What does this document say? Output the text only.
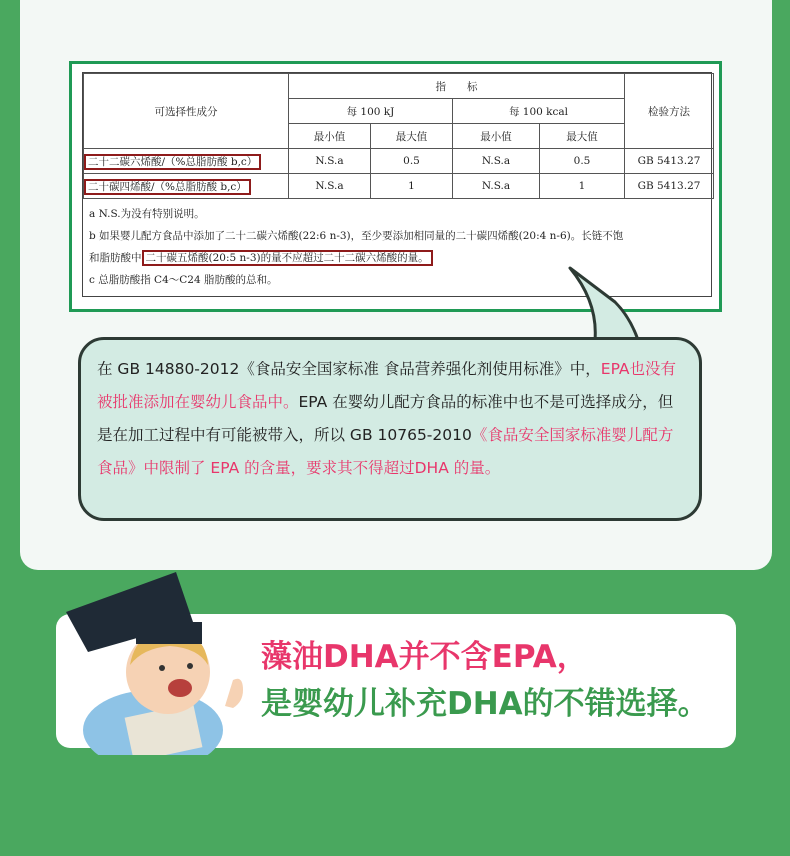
可选择性成分	指　　标				检验方法
	每 100 kJ		每 100 kcal		
	最小值	最大值	最小值	最大值	
二十二碳六烯酸/（%总脂肪酸 b,c）	N.S.a	0.5	N.S.a	0.5	GB 5413.27
二十碳四烯酸/（%总脂肪酸 b,c）	N.S.a	1	N.S.a	1	GB 5413.27
a N.S.为没有特别说明。
b 如果婴儿配方食品中添加了二十二碳六烯酸(22:6 n-3)，至少要添加相同量的二十碳四烯酸(20:4 n-6)。长链不饱
和脂肪酸中 二十碳五烯酸(20:5 n-3)的量不应超过二十二碳六烯酸的量。
c 总脂肪酸指 C4～C24 脂肪酸的总和。
在 GB 14880-2012《食品安全国家标准 食品营养强化剂使用标准》中，EPA也没有被批准添加在婴幼儿食品中。EPA 在婴幼儿配方食品的标准中也不是可选择成分，但是在加工过程中有可能被带入，所以 GB 10765-2010《食品安全国家标准婴儿配方食品》中限制了 EPA 的含量，要求其不得超过DHA 的量。
藻油DHA并不含EPA，
是婴幼儿补充DHA的不错选择。
